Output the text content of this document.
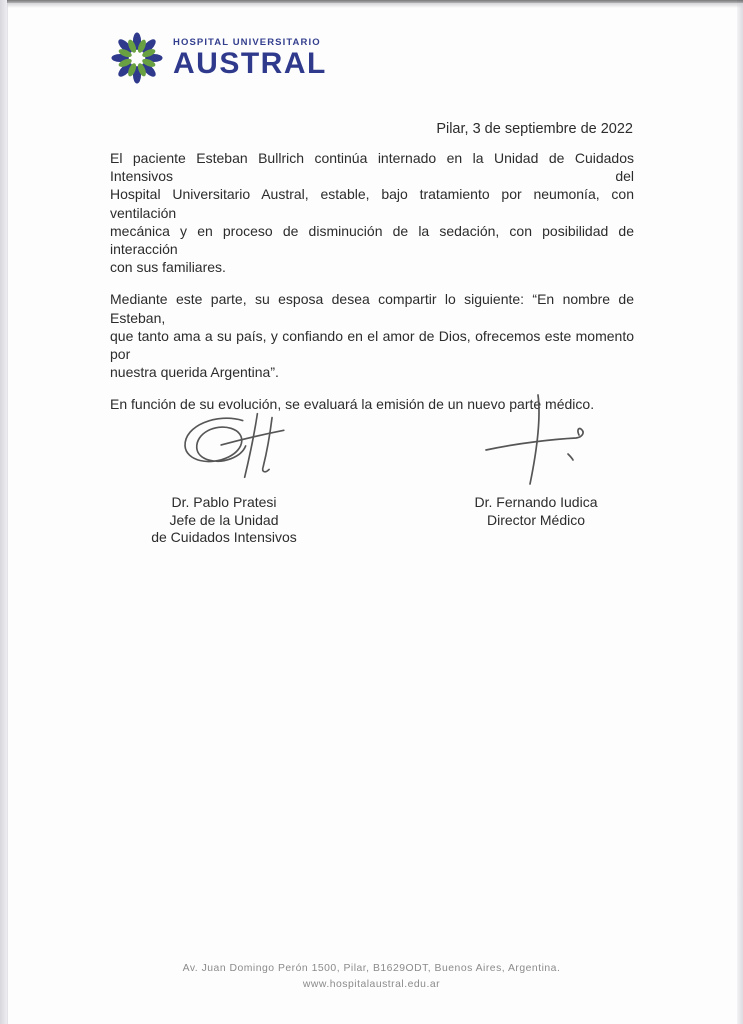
HOSPITAL UNIVERSITARIO
AUSTRAL
Pilar, 3 de septiembre de 2022
El paciente Esteban Bullrich continúa internado en la Unidad de Cuidados Intensivos del
Hospital Universitario Austral, estable, bajo tratamiento por neumonía, con ventilación
mecánica y en proceso de disminución de la sedación, con posibilidad de interacción
con sus familiares.
Mediante este parte, su esposa desea compartir lo siguiente: “En nombre de Esteban,
que tanto ama a su país, y confiando en el amor de Dios, ofrecemos este momento por
nuestra querida Argentina”.
En función de su evolución, se evaluará la emisión de un nuevo parte médico.
Dr. Pablo Pratesi
Jefe de la Unidad
de Cuidados Intensivos
Dr. Fernando Iudica
Director Médico
Av. Juan Domingo Perón 1500, Pilar, B1629ODT, Buenos Aires, Argentina.
www.hospitalaustral.edu.ar
